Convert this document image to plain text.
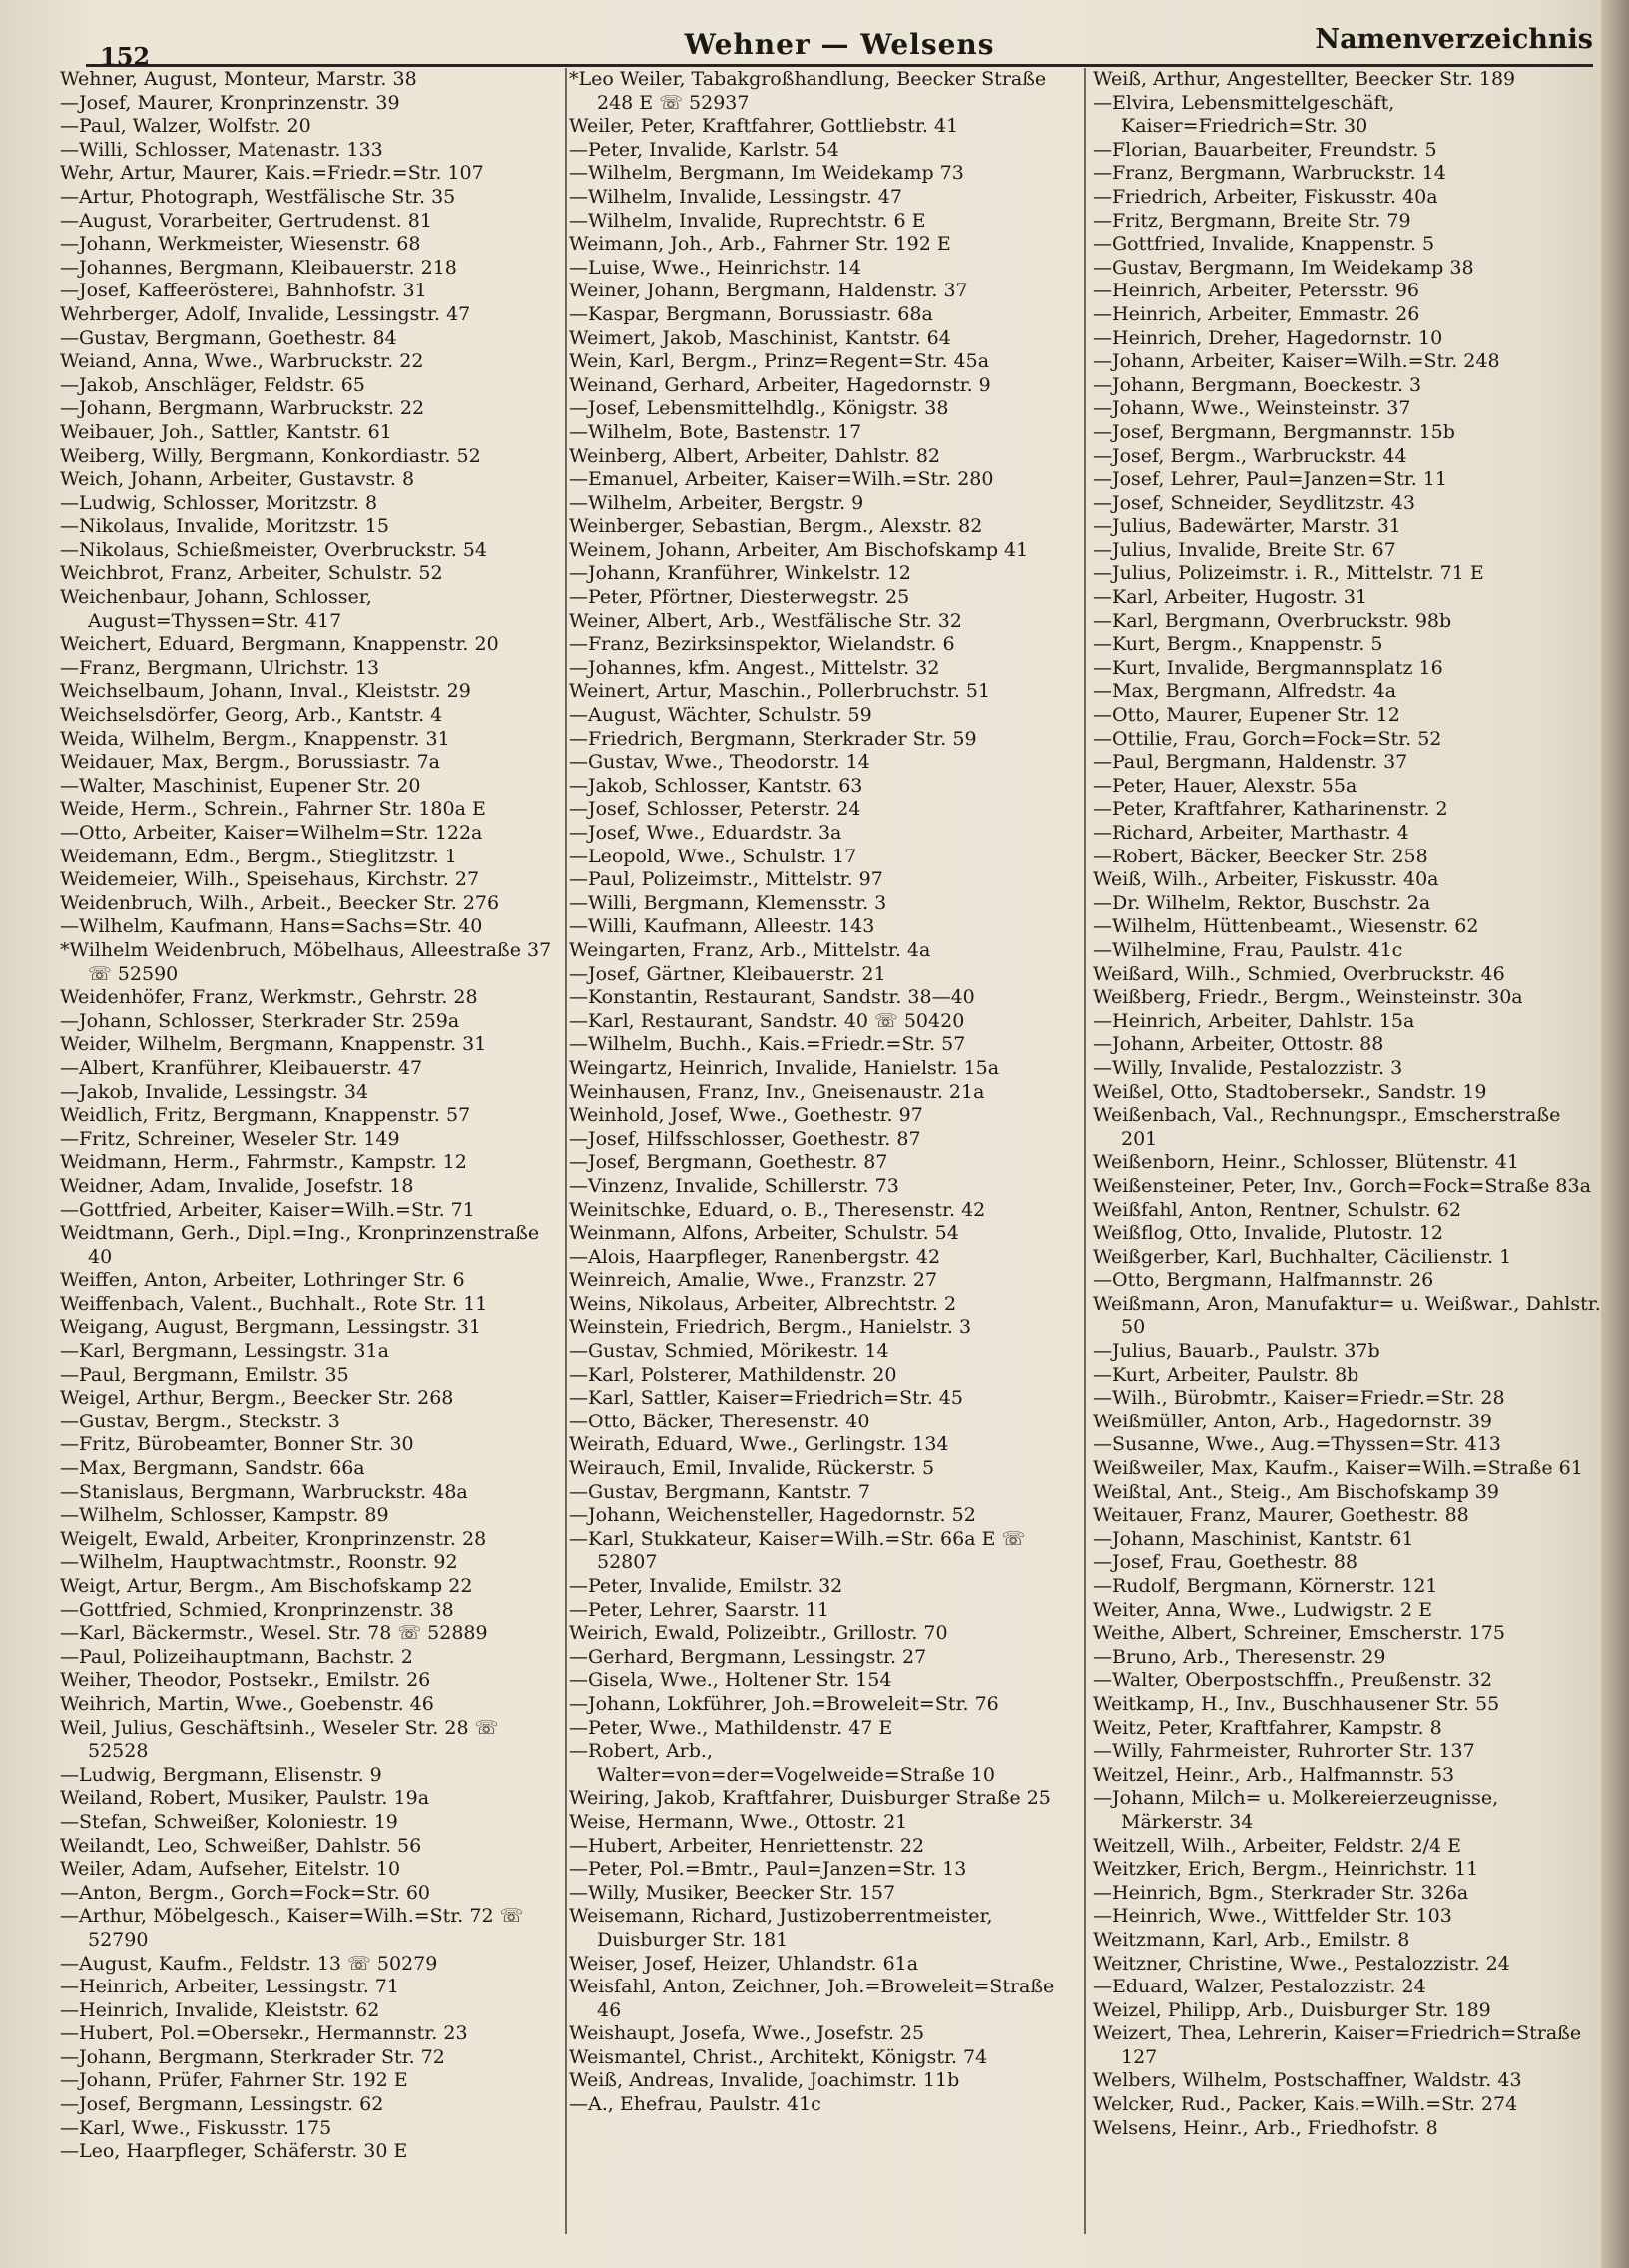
152	Wehner — Welsens	Namenverzeichnis
Wehner, August, Monteur, Marstr. 38
—Josef, Maurer, Kronprinzenstr. 39
—Paul, Walzer, Wolfstr. 20
—Willi, Schlosser, Matenastr. 133
Wehr, Artur, Maurer, Kais.=Friedr.=Str. 107
—Artur, Photograph, Westfälische Str. 35
—August, Vorarbeiter, Gertrudenst. 81
—Johann, Werkmeister, Wiesenstr. 68
—Johannes, Bergmann, Kleibauerstr. 218
—Josef, Kaffeerösterei, Bahnhofstr. 31
Wehrberger, Adolf, Invalide, Lessingstr. 47
—Gustav, Bergmann, Goethestr. 84
Weiand, Anna, Wwe., Warbruckstr. 22
—Jakob, Anschläger, Feldstr. 65
—Johann, Bergmann, Warbruckstr. 22
Weibauer, Joh., Sattler, Kantstr. 61
Weiberg, Willy, Bergmann, Konkordiastr. 52
Weich, Johann, Arbeiter, Gustavstr. 8
—Ludwig, Schlosser, Moritzstr. 8
—Nikolaus, Invalide, Moritzstr. 15
—Nikolaus, Schießmeister, Overbruckstr. 54
Weichbrot, Franz, Arbeiter, Schulstr. 52
Weichenbaur, Johann, Schlosser, August=Thyssen=Str. 417
Weichert, Eduard, Bergmann, Knappenstr. 20
—Franz, Bergmann, Ulrichstr. 13
Weichselbaum, Johann, Inval., Kleiststr. 29
Weichselsdörfer, Georg, Arb., Kantstr. 4
Weida, Wilhelm, Bergm., Knappenstr. 31
Weidauer, Max, Bergm., Borussiastr. 7a
—Walter, Maschinist, Eupener Str. 20
Weide, Herm., Schrein., Fahrner Str. 180a E
—Otto, Arbeiter, Kaiser=Wilhelm=Str. 122a
Weidemann, Edm., Bergm., Stieglitzstr. 1
Weidemeier, Wilh., Speisehaus, Kirchstr. 27
Weidenbruch, Wilh., Arbeit., Beecker Str. 276
—Wilhelm, Kaufmann, Hans=Sachs=Str. 40
*Wilhelm Weidenbruch, Möbelhaus, Alleestraße 37 ☏ 52590
Weidenhöfer, Franz, Werkmstr., Gehrstr. 28
—Johann, Schlosser, Sterkrader Str. 259a
Weider, Wilhelm, Bergmann, Knappenstr. 31
—Albert, Kranführer, Kleibauerstr. 47
—Jakob, Invalide, Lessingstr. 34
Weidlich, Fritz, Bergmann, Knappenstr. 57
—Fritz, Schreiner, Weseler Str. 149
Weidmann, Herm., Fahrmstr., Kampstr. 12
Weidner, Adam, Invalide, Josefstr. 18
—Gottfried, Arbeiter, Kaiser=Wilh.=Str. 71
Weidtmann, Gerh., Dipl.=Ing., Kronprinzenstraße 40
Weiffen, Anton, Arbeiter, Lothringer Str. 6
Weiffenbach, Valent., Buchhalt., Rote Str. 11
Weigang, August, Bergmann, Lessingstr. 31
—Karl, Bergmann, Lessingstr. 31a
—Paul, Bergmann, Emilstr. 35
Weigel, Arthur, Bergm., Beecker Str. 268
—Gustav, Bergm., Steckstr. 3
—Fritz, Bürobeamter, Bonner Str. 30
—Max, Bergmann, Sandstr. 66a
—Stanislaus, Bergmann, Warbruckstr. 48a
—Wilhelm, Schlosser, Kampstr. 89
Weigelt, Ewald, Arbeiter, Kronprinzenstr. 28
—Wilhelm, Hauptwachtmstr., Roonstr. 92
Weigt, Artur, Bergm., Am Bischofskamp 22
—Gottfried, Schmied, Kronprinzenstr. 38
—Karl, Bäckermstr., Wesel. Str. 78 ☏ 52889
—Paul, Polizeihauptmann, Bachstr. 2
Weiher, Theodor, Postsekr., Emilstr. 26
Weihrich, Martin, Wwe., Goebenstr. 46
Weil, Julius, Geschäftsinh., Weseler Str. 28 ☏ 52528
—Ludwig, Bergmann, Elisenstr. 9
Weiland, Robert, Musiker, Paulstr. 19a
—Stefan, Schweißer, Koloniestr. 19
Weilandt, Leo, Schweißer, Dahlstr. 56
Weiler, Adam, Aufseher, Eitelstr. 10
—Anton, Bergm., Gorch=Fock=Str. 60
—Arthur, Möbelgesch., Kaiser=Wilh.=Str. 72 ☏ 52790
—August, Kaufm., Feldstr. 13 ☏ 50279
—Heinrich, Arbeiter, Lessingstr. 71
—Heinrich, Invalide, Kleiststr. 62
—Hubert, Pol.=Obersekr., Hermannstr. 23
—Johann, Bergmann, Sterkrader Str. 72
—Johann, Prüfer, Fahrner Str. 192 E
—Josef, Bergmann, Lessingstr. 62
—Karl, Wwe., Fiskusstr. 175
—Leo, Haarpfleger, Schäferstr. 30 E
*Leo Weiler, Tabakgroßhandlung, Beecker Straße 248 E ☏ 52937
Weiler, Peter, Kraftfahrer, Gottliebstr. 41
—Peter, Invalide, Karlstr. 54
—Wilhelm, Bergmann, Im Weidekamp 73
—Wilhelm, Invalide, Lessingstr. 47
—Wilhelm, Invalide, Ruprechtstr. 6 E
Weimann, Joh., Arb., Fahrner Str. 192 E
—Luise, Wwe., Heinrichstr. 14
Weiner, Johann, Bergmann, Haldenstr. 37
—Kaspar, Bergmann, Borussiastr. 68a
Weimert, Jakob, Maschinist, Kantstr. 64
Wein, Karl, Bergm., Prinz=Regent=Str. 45a
Weinand, Gerhard, Arbeiter, Hagedornstr. 9
—Josef, Lebensmittelhdlg., Königstr. 38
—Wilhelm, Bote, Bastenstr. 17
Weinberg, Albert, Arbeiter, Dahlstr. 82
—Emanuel, Arbeiter, Kaiser=Wilh.=Str. 280
—Wilhelm, Arbeiter, Bergstr. 9
Weinberger, Sebastian, Bergm., Alexstr. 82
Weinem, Johann, Arbeiter, Am Bischofskamp 41
—Johann, Kranführer, Winkelstr. 12
—Peter, Pförtner, Diesterwegstr. 25
Weiner, Albert, Arb., Westfälische Str. 32
—Franz, Bezirksinspektor, Wielandstr. 6
—Johannes, kfm. Angest., Mittelstr. 32
Weinert, Artur, Maschin., Pollerbruchstr. 51
—August, Wächter, Schulstr. 59
—Friedrich, Bergmann, Sterkrader Str. 59
—Gustav, Wwe., Theodorstr. 14
—Jakob, Schlosser, Kantstr. 63
—Josef, Schlosser, Peterstr. 24
—Josef, Wwe., Eduardstr. 3a
—Leopold, Wwe., Schulstr. 17
—Paul, Polizeimstr., Mittelstr. 97
—Willi, Bergmann, Klemensstr. 3
—Willi, Kaufmann, Alleestr. 143
Weingarten, Franz, Arb., Mittelstr. 4a
—Josef, Gärtner, Kleibauerstr. 21
—Konstantin, Restaurant, Sandstr. 38—40
—Karl, Restaurant, Sandstr. 40 ☏ 50420
—Wilhelm, Buchh., Kais.=Friedr.=Str. 57
Weingartz, Heinrich, Invalide, Hanielstr. 15a
Weinhausen, Franz, Inv., Gneisenaustr. 21a
Weinhold, Josef, Wwe., Goethestr. 97
—Josef, Hilfsschlosser, Goethestr. 87
—Josef, Bergmann, Goethestr. 87
—Vinzenz, Invalide, Schillerstr. 73
Weinitschke, Eduard, o. B., Theresenstr. 42
Weinmann, Alfons, Arbeiter, Schulstr. 54
—Alois, Haarpfleger, Ranenbergstr. 42
Weinreich, Amalie, Wwe., Franzstr. 27
Weins, Nikolaus, Arbeiter, Albrechtstr. 2
Weinstein, Friedrich, Bergm., Hanielstr. 3
—Gustav, Schmied, Mörikestr. 14
—Karl, Polsterer, Mathildenstr. 20
—Karl, Sattler, Kaiser=Friedrich=Str. 45
—Otto, Bäcker, Theresenstr. 40
Weirath, Eduard, Wwe., Gerlingstr. 134
Weirauch, Emil, Invalide, Rückerstr. 5
—Gustav, Bergmann, Kantstr. 7
—Johann, Weichensteller, Hagedornstr. 52
—Karl, Stukkateur, Kaiser=Wilh.=Str. 66a E ☏ 52807
—Peter, Invalide, Emilstr. 32
—Peter, Lehrer, Saarstr. 11
Weirich, Ewald, Polizeibtr., Grillostr. 70
—Gerhard, Bergmann, Lessingstr. 27
—Gisela, Wwe., Holtener Str. 154
—Johann, Lokführer, Joh.=Broweleit=Str. 76
—Peter, Wwe., Mathildenstr. 47 E
—Robert, Arb., Walter=von=der=Vogelweide=Straße 10
Weiring, Jakob, Kraftfahrer, Duisburger Straße 25
Weise, Hermann, Wwe., Ottostr. 21
—Hubert, Arbeiter, Henriettenstr. 22
—Peter, Pol.=Bmtr., Paul=Janzen=Str. 13
—Willy, Musiker, Beecker Str. 157
Weisemann, Richard, Justizoberrentmeister, Duisburger Str. 181
Weiser, Josef, Heizer, Uhlandstr. 61a
Weisfahl, Anton, Zeichner, Joh.=Broweleit=Straße 46
Weishaupt, Josefa, Wwe., Josefstr. 25
Weismantel, Christ., Architekt, Königstr. 74
Weiß, Andreas, Invalide, Joachimstr. 11b
—A., Ehefrau, Paulstr. 41c
Weiß, Arthur, Angestellter, Beecker Str. 189
—Elvira, Lebensmittelgeschäft, Kaiser=Friedrich=Str. 30
—Florian, Bauarbeiter, Freundstr. 5
—Franz, Bergmann, Warbruckstr. 14
—Friedrich, Arbeiter, Fiskusstr. 40a
—Fritz, Bergmann, Breite Str. 79
—Gottfried, Invalide, Knappenstr. 5
—Gustav, Bergmann, Im Weidekamp 38
—Heinrich, Arbeiter, Petersstr. 96
—Heinrich, Arbeiter, Emmastr. 26
—Heinrich, Dreher, Hagedornstr. 10
—Johann, Arbeiter, Kaiser=Wilh.=Str. 248
—Johann, Bergmann, Boeckestr. 3
—Johann, Wwe., Weinsteinstr. 37
—Josef, Bergmann, Bergmannstr. 15b
—Josef, Bergm., Warbruckstr. 44
—Josef, Lehrer, Paul=Janzen=Str. 11
—Josef, Schneider, Seydlitzstr. 43
—Julius, Badewärter, Marstr. 31
—Julius, Invalide, Breite Str. 67
—Julius, Polizeimstr. i. R., Mittelstr. 71 E
—Karl, Arbeiter, Hugostr. 31
—Karl, Bergmann, Overbruckstr. 98b
—Kurt, Bergm., Knappenstr. 5
—Kurt, Invalide, Bergmannsplatz 16
—Max, Bergmann, Alfredstr. 4a
—Otto, Maurer, Eupener Str. 12
—Ottilie, Frau, Gorch=Fock=Str. 52
—Paul, Bergmann, Haldenstr. 37
—Peter, Hauer, Alexstr. 55a
—Peter, Kraftfahrer, Katharinenstr. 2
—Richard, Arbeiter, Marthastr. 4
—Robert, Bäcker, Beecker Str. 258
Weiß, Wilh., Arbeiter, Fiskusstr. 40a
—Dr. Wilhelm, Rektor, Buschstr. 2a
—Wilhelm, Hüttenbeamt., Wiesenstr. 62
—Wilhelmine, Frau, Paulstr. 41c
Weißard, Wilh., Schmied, Overbruckstr. 46
Weißberg, Friedr., Bergm., Weinsteinstr. 30a
—Heinrich, Arbeiter, Dahlstr. 15a
—Johann, Arbeiter, Ottostr. 88
—Willy, Invalide, Pestalozzistr. 3
Weißel, Otto, Stadtobersekr., Sandstr. 19
Weißenbach, Val., Rechnungspr., Emscherstraße 201
Weißenborn, Heinr., Schlosser, Blütenstr. 41
Weißensteiner, Peter, Inv., Gorch=Fock=Straße 83a
Weißfahl, Anton, Rentner, Schulstr. 62
Weißflog, Otto, Invalide, Plutostr. 12
Weißgerber, Karl, Buchhalter, Cäcilienstr. 1
—Otto, Bergmann, Halfmannstr. 26
Weißmann, Aron, Manufaktur= u. Weißwar., Dahlstr. 50
—Julius, Bauarb., Paulstr. 37b
—Kurt, Arbeiter, Paulstr. 8b
—Wilh., Bürobmtr., Kaiser=Friedr.=Str. 28
Weißmüller, Anton, Arb., Hagedornstr. 39
—Susanne, Wwe., Aug.=Thyssen=Str. 413
Weißweiler, Max, Kaufm., Kaiser=Wilh.=Straße 61
Weißtal, Ant., Steig., Am Bischofskamp 39
Weitauer, Franz, Maurer, Goethestr. 88
—Johann, Maschinist, Kantstr. 61
—Josef, Frau, Goethestr. 88
—Rudolf, Bergmann, Körnerstr. 121
Weiter, Anna, Wwe., Ludwigstr. 2 E
Weithe, Albert, Schreiner, Emscherstr. 175
—Bruno, Arb., Theresenstr. 29
—Walter, Oberpostschffn., Preußenstr. 32
Weitkamp, H., Inv., Buschhausener Str. 55
Weitz, Peter, Kraftfahrer, Kampstr. 8
—Willy, Fahrmeister, Ruhrorter Str. 137
Weitzel, Heinr., Arb., Halfmannstr. 53
—Johann, Milch= u. Molkereierzeugnisse, Märkerstr. 34
Weitzell, Wilh., Arbeiter, Feldstr. 2/4 E
Weitzker, Erich, Bergm., Heinrichstr. 11
—Heinrich, Bgm., Sterkrader Str. 326a
—Heinrich, Wwe., Wittfelder Str. 103
Weitzmann, Karl, Arb., Emilstr. 8
Weitzner, Christine, Wwe., Pestalozzistr. 24
—Eduard, Walzer, Pestalozzistr. 24
Weizel, Philipp, Arb., Duisburger Str. 189
Weizert, Thea, Lehrerin, Kaiser=Friedrich=Straße 127
Welbers, Wilhelm, Postschaffner, Waldstr. 43
Welcker, Rud., Packer, Kais.=Wilh.=Str. 274
Welsens, Heinr., Arb., Friedhofstr. 8
